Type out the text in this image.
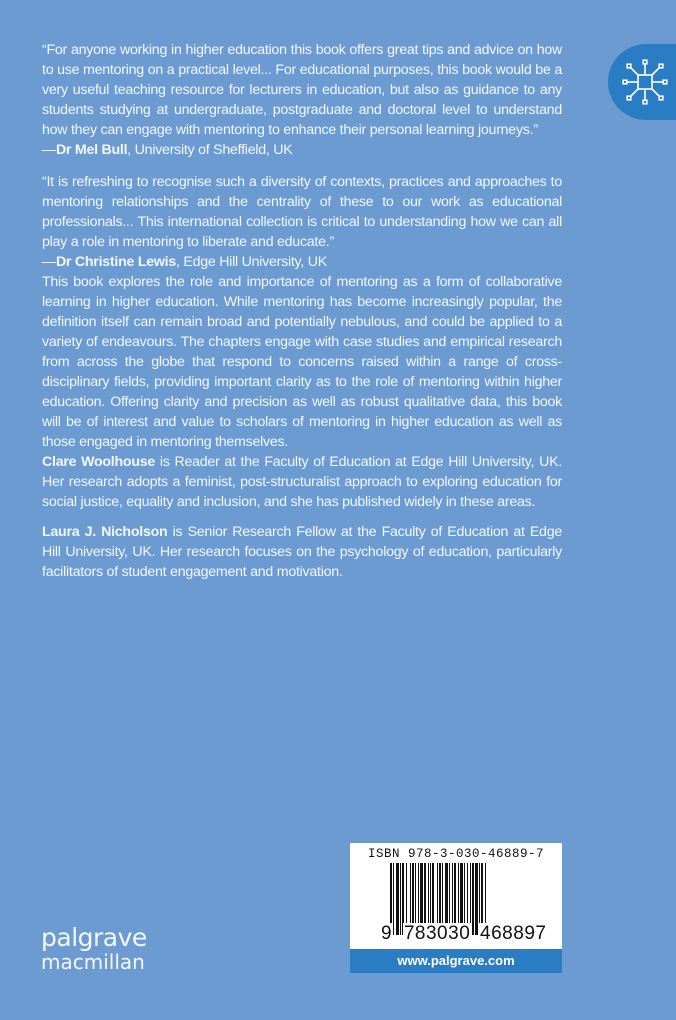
“For anyone working in higher education this book offers great tips and advice on how to use mentoring on a practical level... For educational purposes, this book would be a very useful teaching resource for lecturers in education, but also as guidance to any students studying at undergraduate, postgraduate and doctoral level to understand how they can engage with mentoring to enhance their personal learning journeys.”

—Dr Mel Bull, University of Sheffield, UK

“It is refreshing to recognise such a diversity of contexts, practices and approaches to mentoring relationships and the centrality of these to our work as educational professionals... This international collection is critical to understanding how we can all play a role in mentoring to liberate and educate.”

—Dr Christine Lewis, Edge Hill University, UK

This book explores the role and importance of mentoring as a form of collaborative learning in higher education. While mentoring has become increasingly popular, the definition itself can remain broad and potentially nebulous, and could be applied to a variety of endeavours. The chapters engage with case studies and empirical research from across the globe that respond to concerns raised within a range of cross-disciplinary fields, providing important clarity as to the role of mentoring within higher education. Offering clarity and precision as well as robust qualitative data, this book will be of interest and value to scholars of mentoring in higher education as well as those engaged in mentoring themselves.

Clare Woolhouse is Reader at the Faculty of Education at Edge Hill University, UK. Her research adopts a feminist, post-structuralist approach to exploring education for social justice, equality and inclusion, and she has published widely in these areas.

Laura J. Nicholson is Senior Research Fellow at the Faculty of Education at Edge Hill University, UK. Her research focuses on the psychology of education, particularly facilitators of student engagement and motivation.

ISBN 978-3-030-46889-7
9 783030 468897
www.palgrave.com
palgrave
macmillan
